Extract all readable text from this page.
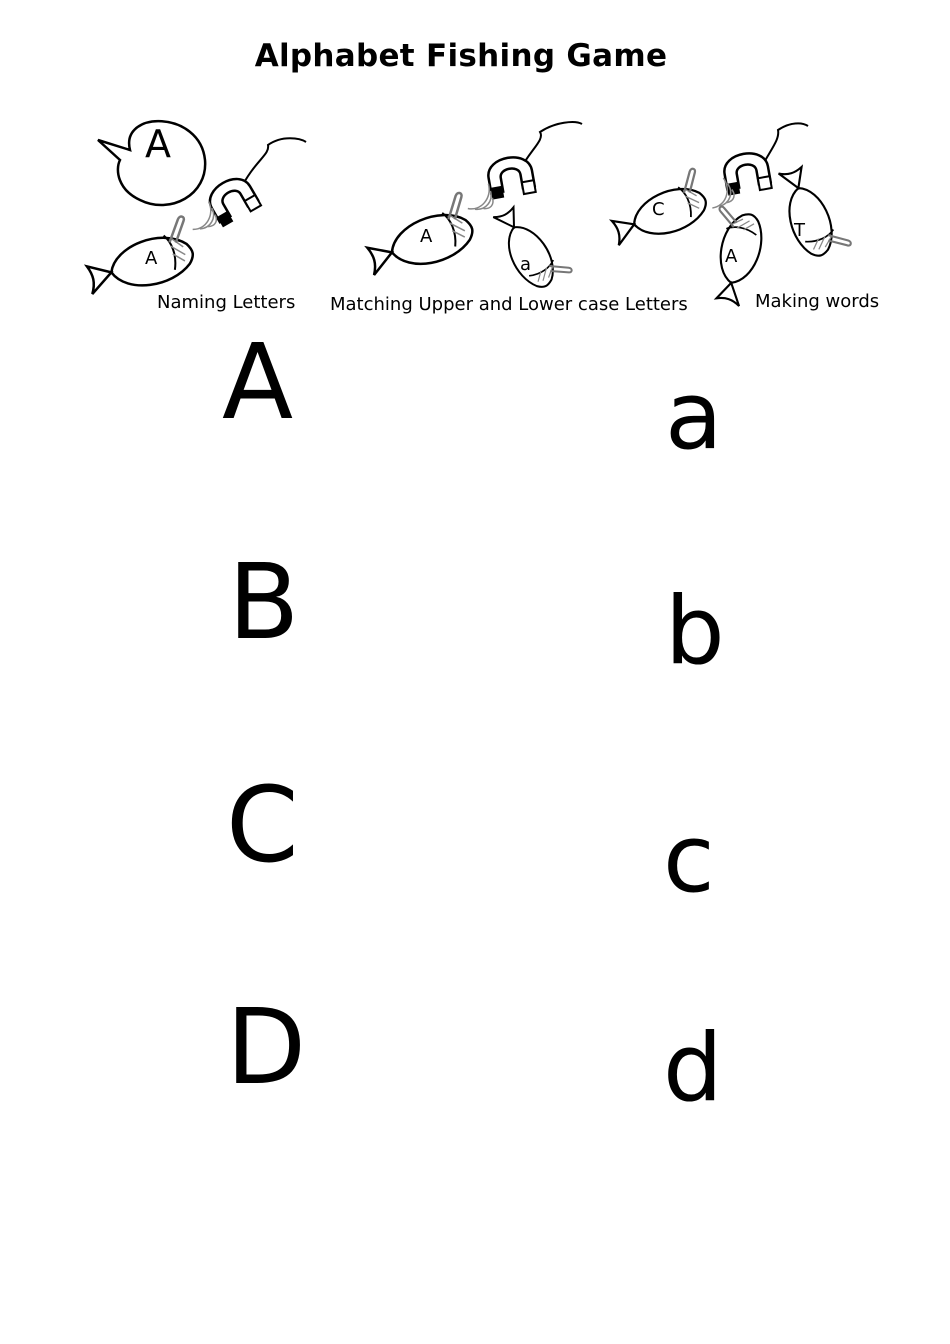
Alphabet Fishing Game
A
A
A
a
C
A
T
Naming Letters Matching Upper and Lower case Letters	Making words
A	a
B	b
C	c
D	d
